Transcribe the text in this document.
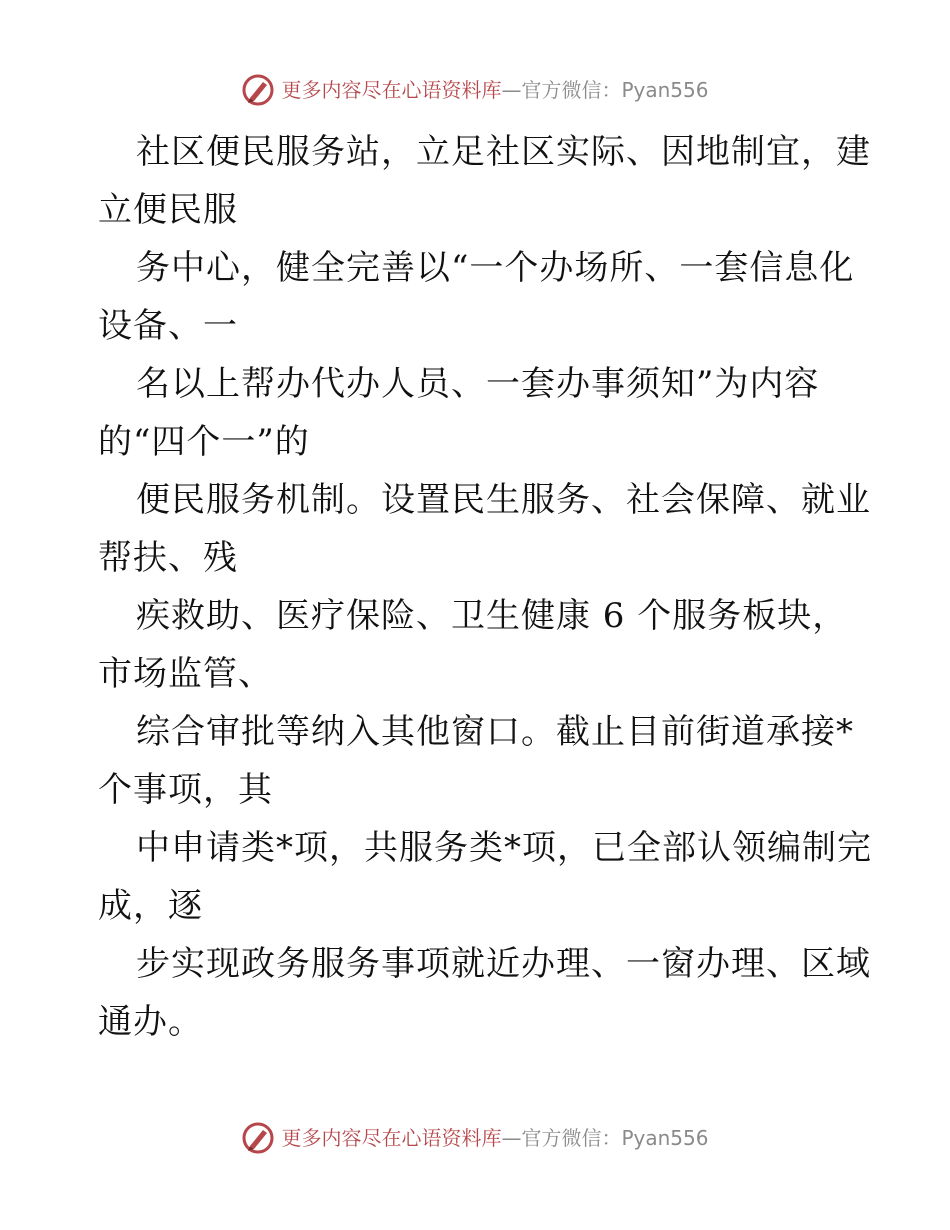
更多内容尽在心语资料库—官方微信：Pyan556
社区便民服务站，立足社区实际、因地制宜，建
立便民服
务中心，健全完善以“一个办场所、一套信息化
设备、一
名以上帮办代办人员、一套办事须知”为内容
的“四个一”的
便民服务机制。设置民生服务、社会保障、就业
帮扶、残
疾救助、医疗保险、卫生健康 6 个服务板块，
市场监管、
综合审批等纳入其他窗口。截止目前街道承接*
个事项，其
中申请类*项，共服务类*项，已全部认领编制完
成，逐
步实现政务服务事项就近办理、一窗办理、区域
通办。
更多内容尽在心语资料库—官方微信：Pyan556
